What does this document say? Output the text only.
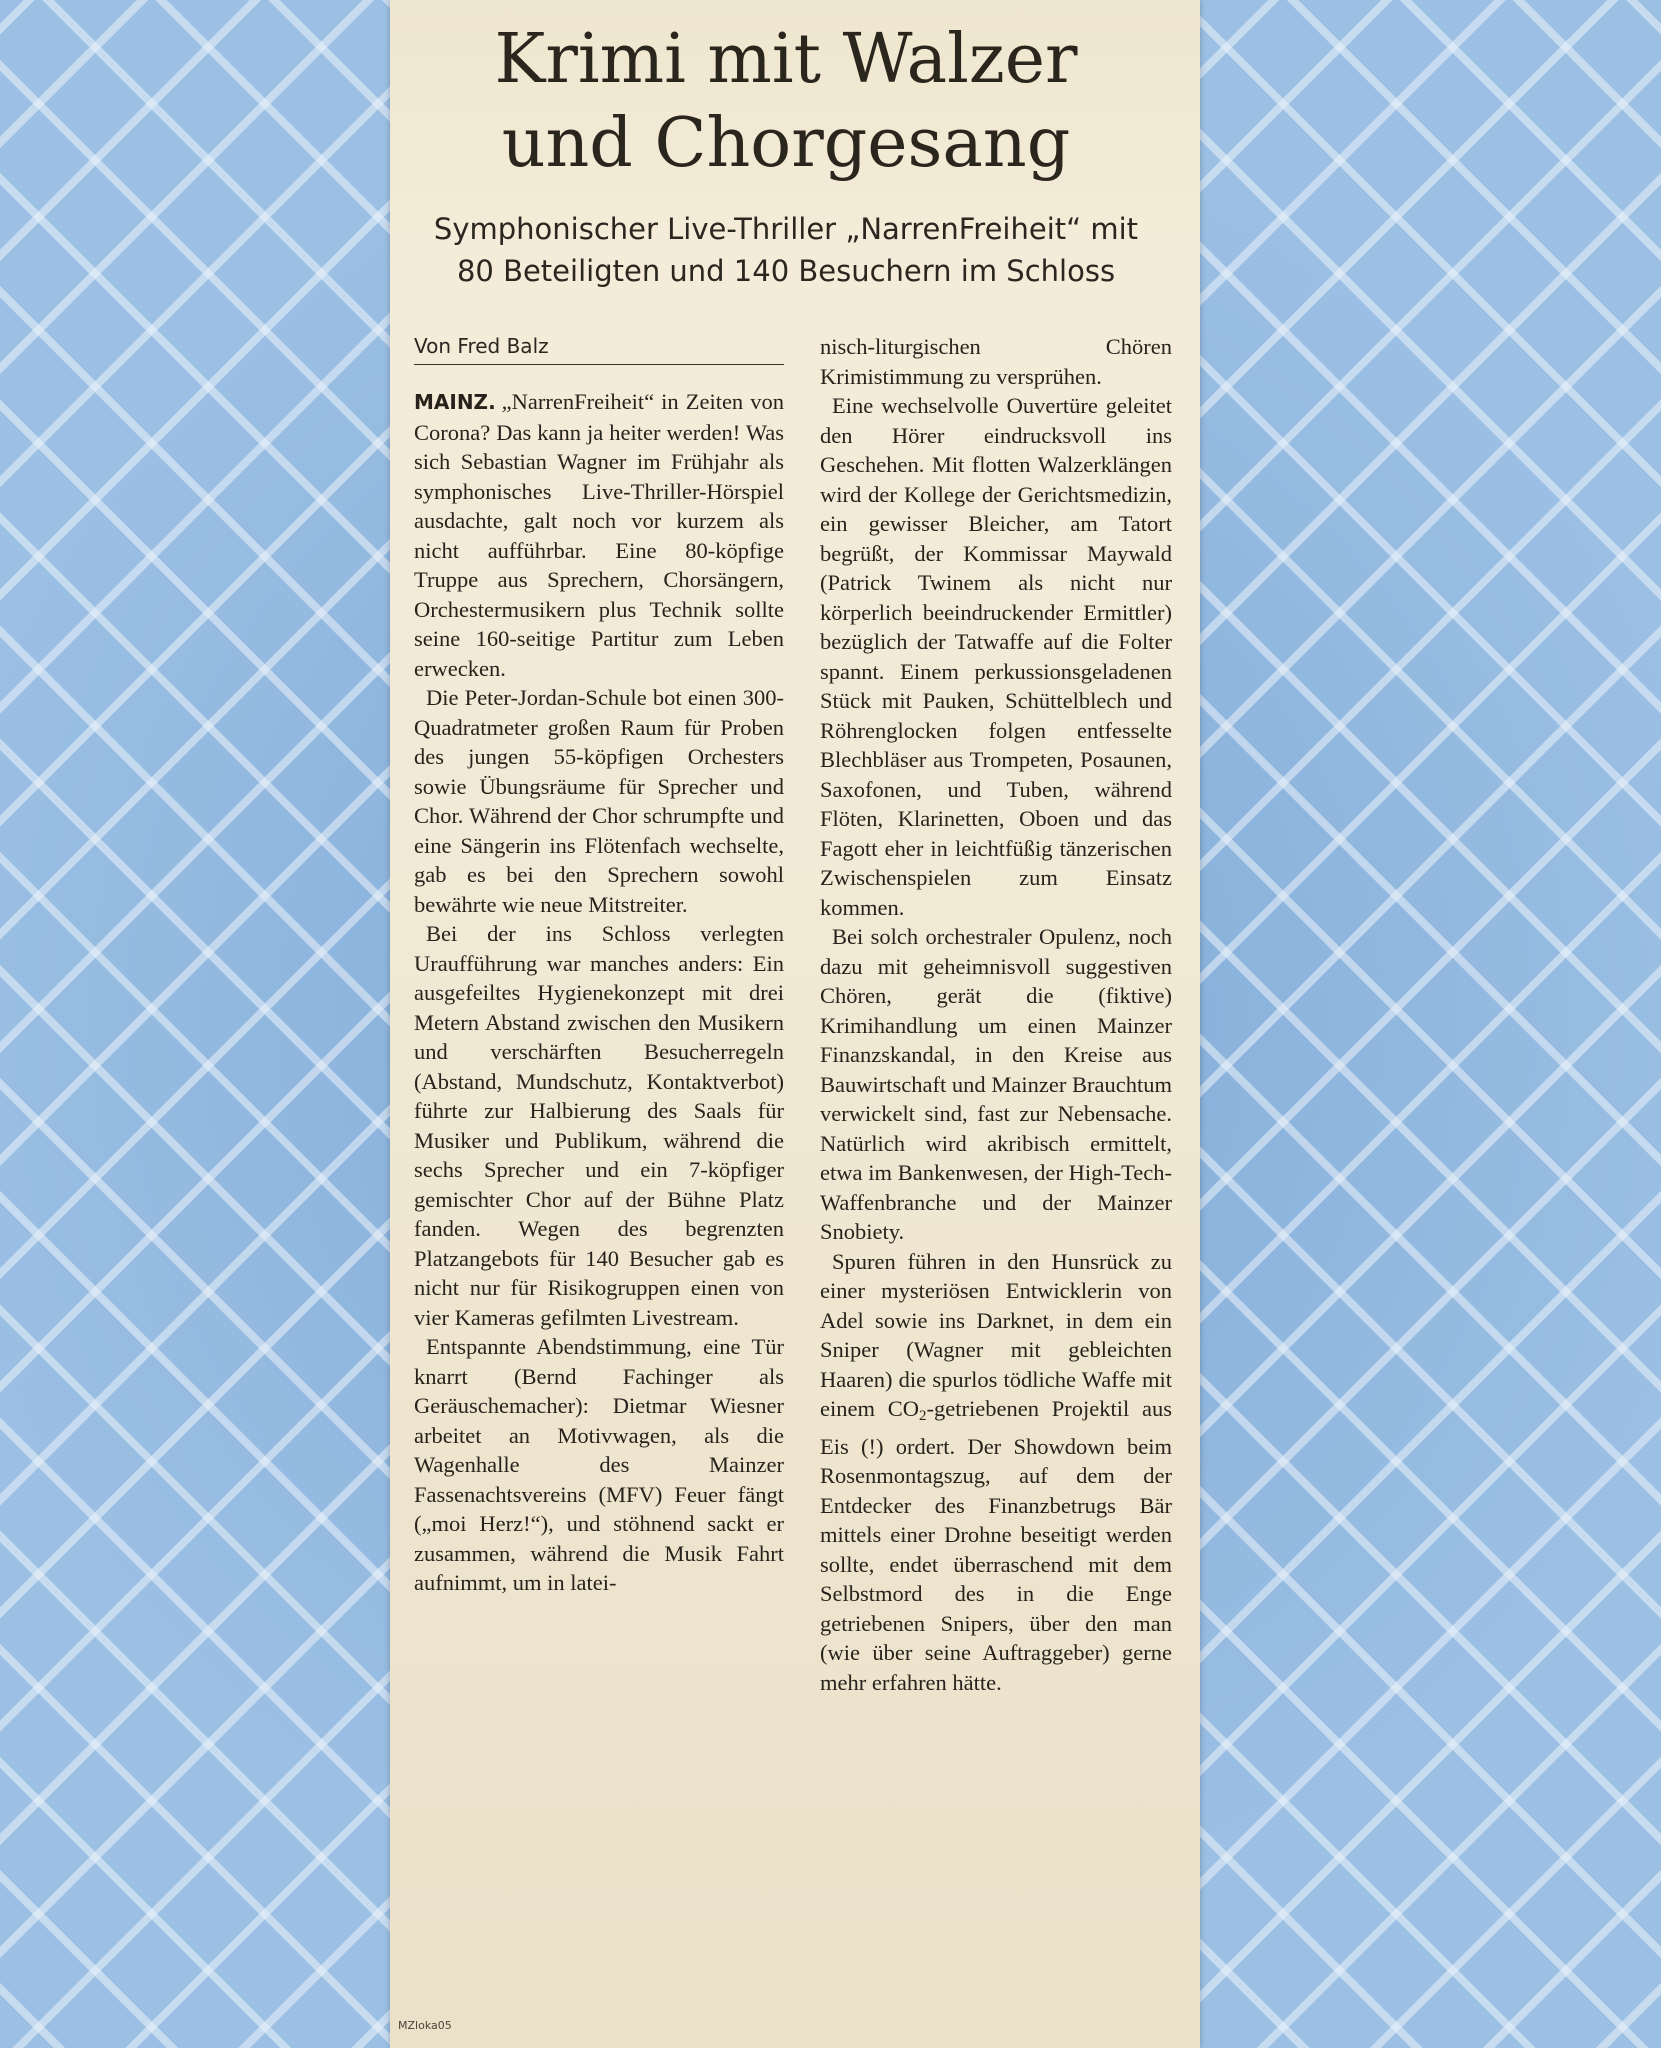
Krimi mit Walzer
und Chorgesang
Symphonischer Live-Thriller „NarrenFreiheit“ mit
80 Beteiligten und 140 Besuchern im Schloss
Von Fred Balz

MAINZ. „NarrenFreiheit“ in Zeiten von Corona? Das kann ja heiter werden! Was sich Sebastian Wagner im Frühjahr als symphonisches Live-Thriller-Hörspiel ausdachte, galt noch vor kurzem als nicht aufführbar. Eine 80-köpfige Truppe aus Sprechern, Chorsängern, Orchestermusikern plus Technik sollte seine 160-seitige Partitur zum Leben erwecken.

Die Peter-Jordan-Schule bot einen 300-Quadratmeter großen Raum für Proben des jungen 55-köpfigen Orchesters sowie Übungsräume für Sprecher und Chor. Während der Chor schrumpfte und eine Sängerin ins Flötenfach wechselte, gab es bei den Sprechern sowohl bewährte wie neue Mitstreiter.

Bei der ins Schloss verlegten Uraufführung war manches anders: Ein ausgefeiltes Hygienekonzept mit drei Metern Abstand zwischen den Musikern und verschärften Besucherregeln (Abstand, Mundschutz, Kontaktverbot) führte zur Halbierung des Saals für Musiker und Publikum, während die sechs Sprecher und ein 7-köpfiger gemischter Chor auf der Bühne Platz fanden. Wegen des begrenzten Platzangebots für 140 Besucher gab es nicht nur für Risikogruppen einen von vier Kameras gefilmten Livestream.

Entspannte Abendstimmung, eine Tür knarrt (Bernd Fachinger als Geräuschemacher): Dietmar Wiesner arbeitet an Motivwagen, als die Wagenhalle des Mainzer Fassenachtsvereins (MFV) Feuer fängt („moi Herz!“), und stöhnend sackt er zusammen, während die Musik Fahrt aufnimmt, um in latei-

nisch-liturgischen Chören Krimistimmung zu versprühen.

Eine wechselvolle Ouvertüre geleitet den Hörer eindrucksvoll ins Geschehen. Mit flotten Walzerklängen wird der Kollege der Gerichtsmedizin, ein gewisser Bleicher, am Tatort begrüßt, der Kommissar Maywald (Patrick Twinem als nicht nur körperlich beeindruckender Ermittler) bezüglich der Tatwaffe auf die Folter spannt. Einem perkussionsgeladenen Stück mit Pauken, Schüttelblech und Röhrenglocken folgen entfesselte Blechbläser aus Trompeten, Posaunen, Saxofonen, und Tuben, während Flöten, Klarinetten, Oboen und das Fagott eher in leichtfüßig tänzerischen Zwischenspielen zum Einsatz kommen.

Bei solch orchestraler Opulenz, noch dazu mit geheimnisvoll suggestiven Chören, gerät die (fiktive) Krimihandlung um einen Mainzer Finanzskandal, in den Kreise aus Bauwirtschaft und Mainzer Brauchtum verwickelt sind, fast zur Nebensache. Natürlich wird akribisch ermittelt, etwa im Bankenwesen, der High-Tech-Waffenbranche und der Mainzer Snobiety.

Spuren führen in den Hunsrück zu einer mysteriösen Entwicklerin von Adel sowie ins Darknet, in dem ein Sniper (Wagner mit gebleichten Haaren) die spurlos tödliche Waffe mit einem CO2-getriebenen Projektil aus Eis (!) ordert. Der Showdown beim Rosenmontagszug, auf dem der Entdecker des Finanzbetrugs Bär mittels einer Drohne beseitigt werden sollte, endet überraschend mit dem Selbstmord des in die Enge getriebenen Snipers, über den man (wie über seine Auftraggeber) gerne mehr erfahren hätte.

MZloka05
